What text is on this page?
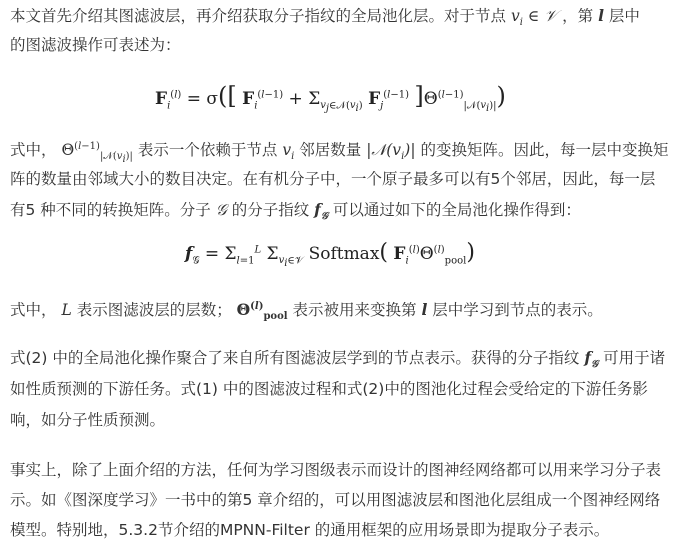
本文首先介绍其图滤波层，再介绍获取分子指纹的全局池化层。对于节点 $v_i$ ∈ 𝒱 ，第 l 层中
的图滤波操作可表述为：
$F_i^{(l)} = \sigma$([ $F_i^{(l-1)} + \Sigma_{v_j\in 𝒩(v_i)}$ $F_j^{(l-1)}$ ]$\Theta^{(l-1)}_{|𝒩(v_i)|}$)
式中， $\Theta^{(l-1)}_{|𝒩(v_i)|}$ 表示一个依赖于节点 $v_i$ 邻居数量 $|𝒩(v_i)|$ 的变换矩阵。因此，每一层中变换矩
阵的数量由邻域大小的数目决定。在有机分子中，一个原子最多可以有5个邻居，因此，每一层
有5 种不同的转换矩阵。分子 𝒢 的分子指纹 $f_𝒢$ 可以通过如下的全局池化操作得到：
$f_𝒢 = \Sigma_{l=1}^L$ $\Sigma_{v_i\in 𝒱}$ Softmax( $F_i^{(l)}\Theta^{(l)}_{pool}$)
式中， L 表示图滤波层的层数； $\Theta^{(l)}_{pool}$ 表示被用来变换第 l 层中学习到节点的表示。
式(2) 中的全局池化操作聚合了来自所有图滤波层学到的节点表示。获得的分子指纹 $f_𝒢$ 可用于诸
如性质预测的下游任务。式(1) 中的图滤波过程和式(2)中的图池化过程会受给定的下游任务影
响，如分子性质预测。
事实上，除了上面介绍的方法，任何为学习图级表示而设计的图神经网络都可以用来学习分子表
示。如《图深度学习》一书中的第5 章介绍的，可以用图滤波层和图池化层组成一个图神经网络
模型。特别地，5.3.2节介绍的MPNN-Filter 的通用框架的应用场景即为提取分子表示。
